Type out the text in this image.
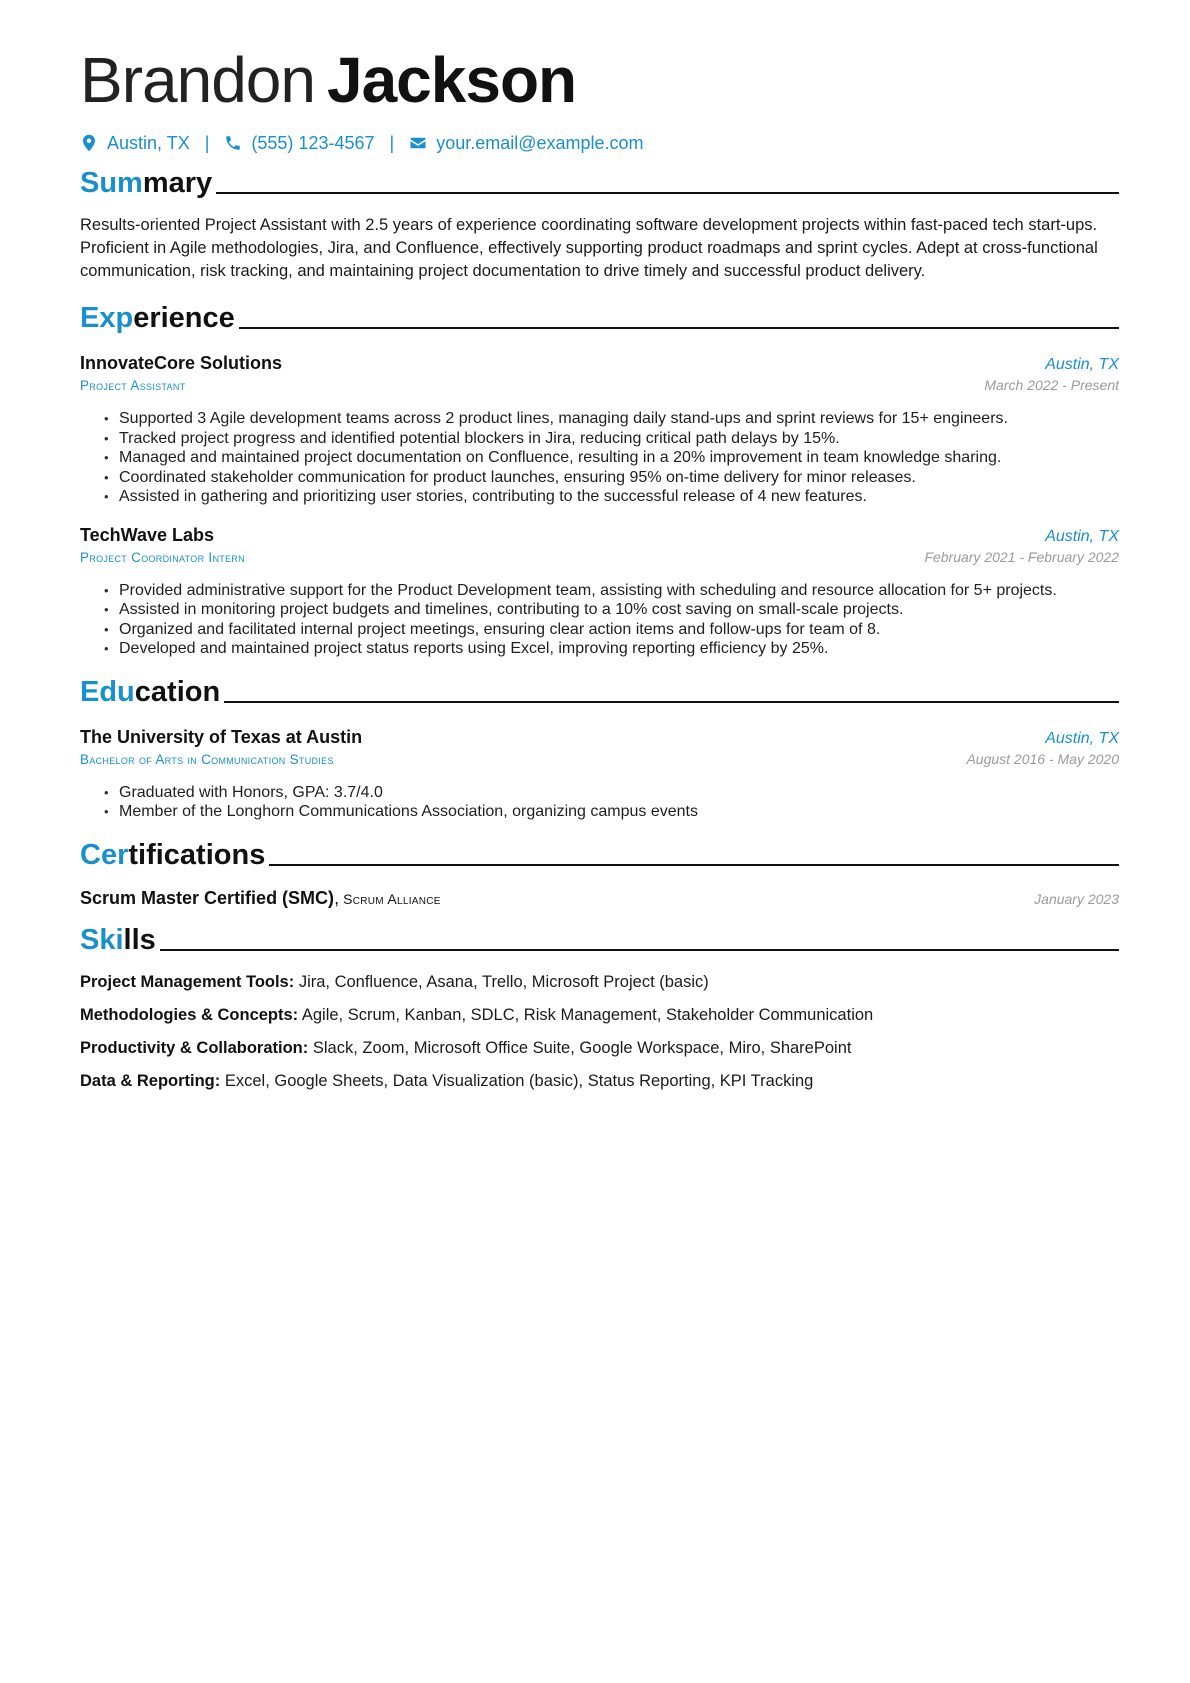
Brandon Jackson
Austin, TX | (555) 123-4567 | your.email@example.com
Summary

Results-oriented Project Assistant with 2.5 years of experience coordinating software development projects within fast-paced tech start-ups. Proficient in Agile methodologies, Jira, and Confluence, effectively supporting product roadmaps and sprint cycles. Adept at cross-functional communication, risk tracking, and maintaining project documentation to drive timely and successful product delivery.

Experience
InnovateCore Solutions	Austin, TX
Project Assistant	March 2022 - Present
• Supported 3 Agile development teams across 2 product lines, managing daily stand-ups and sprint reviews for 15+ engineers.
• Tracked project progress and identified potential blockers in Jira, reducing critical path delays by 15%.
• Managed and maintained project documentation on Confluence, resulting in a 20% improvement in team knowledge sharing.
• Coordinated stakeholder communication for product launches, ensuring 95% on-time delivery for minor releases.
• Assisted in gathering and prioritizing user stories, contributing to the successful release of 4 new features.
TechWave Labs	Austin, TX
Project Coordinator Intern	February 2021 - February 2022
• Provided administrative support for the Product Development team, assisting with scheduling and resource allocation for 5+ projects.
• Assisted in monitoring project budgets and timelines, contributing to a 10% cost saving on small-scale projects.
• Organized and facilitated internal project meetings, ensuring clear action items and follow-ups for team of 8.
• Developed and maintained project status reports using Excel, improving reporting efficiency by 25%.
Education
The University of Texas at Austin	Austin, TX
Bachelor of Arts in Communication Studies	August 2016 - May 2020
• Graduated with Honors, GPA: 3.7/4.0
• Member of the Longhorn Communications Association, organizing campus events
Certifications
Scrum Master Certified (SMC), Scrum Alliance	January 2023
Skills
Project Management Tools: Jira, Confluence, Asana, Trello, Microsoft Project (basic)
Methodologies & Concepts: Agile, Scrum, Kanban, SDLC, Risk Management, Stakeholder Communication
Productivity & Collaboration: Slack, Zoom, Microsoft Office Suite, Google Workspace, Miro, SharePoint
Data & Reporting: Excel, Google Sheets, Data Visualization (basic), Status Reporting, KPI Tracking
